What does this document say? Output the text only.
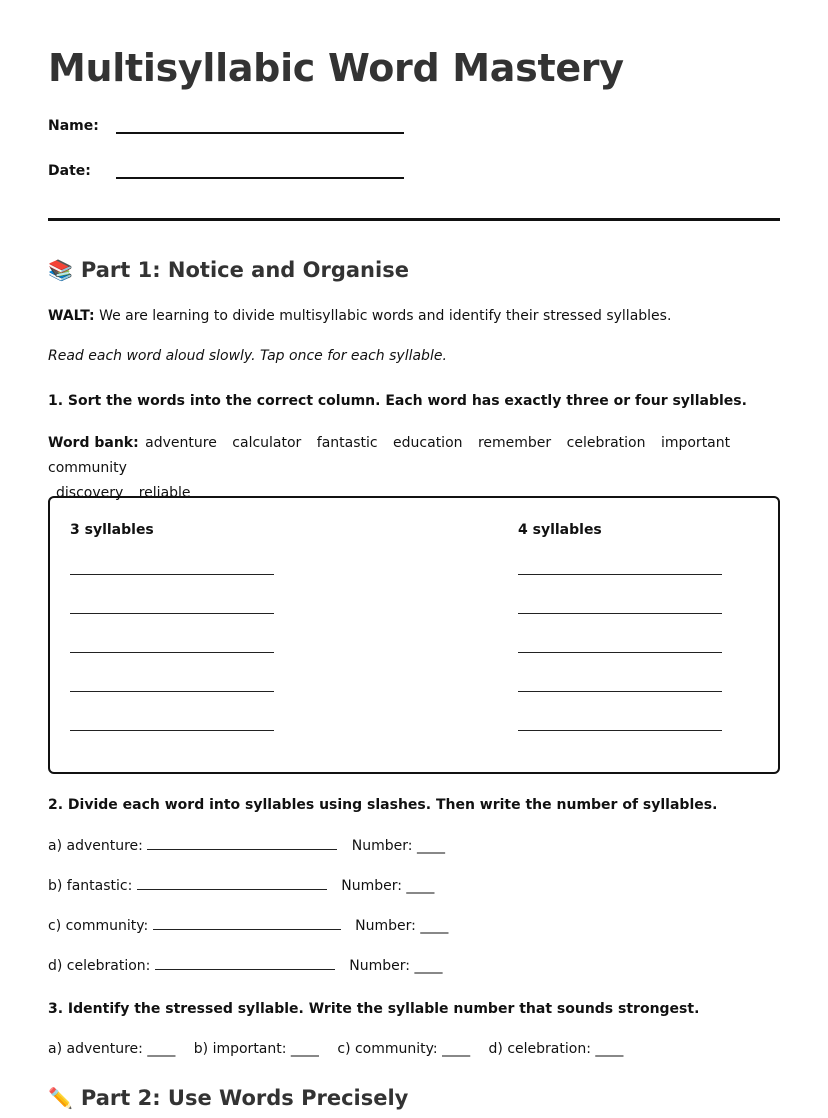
Multisyllabic Word Mastery
Name:
Date:
📚 Part 1: Notice and Organise
WALT: We are learning to divide multisyllabic words and identify their stressed syllables.
Read each word aloud slowly. Tap once for each syllable.
1. Sort the words into the correct column. Each word has exactly three or four syllables.
Word bank: adventure calculator fantastic education remember celebration important community
discovery reliable
3 syllables	4 syllables
2. Divide each word into syllables using slashes. Then write the number of syllables.
a) adventure:	Number: ____
b) fantastic:	Number: ____
c) community:	Number: ____
d) celebration:	Number: ____
3. Identify the stressed syllable. Write the syllable number that sounds strongest.
a) adventure: ____ b) important: ____ c) community: ____ d) celebration: ____
✏️ Part 2: Use Words Precisely
